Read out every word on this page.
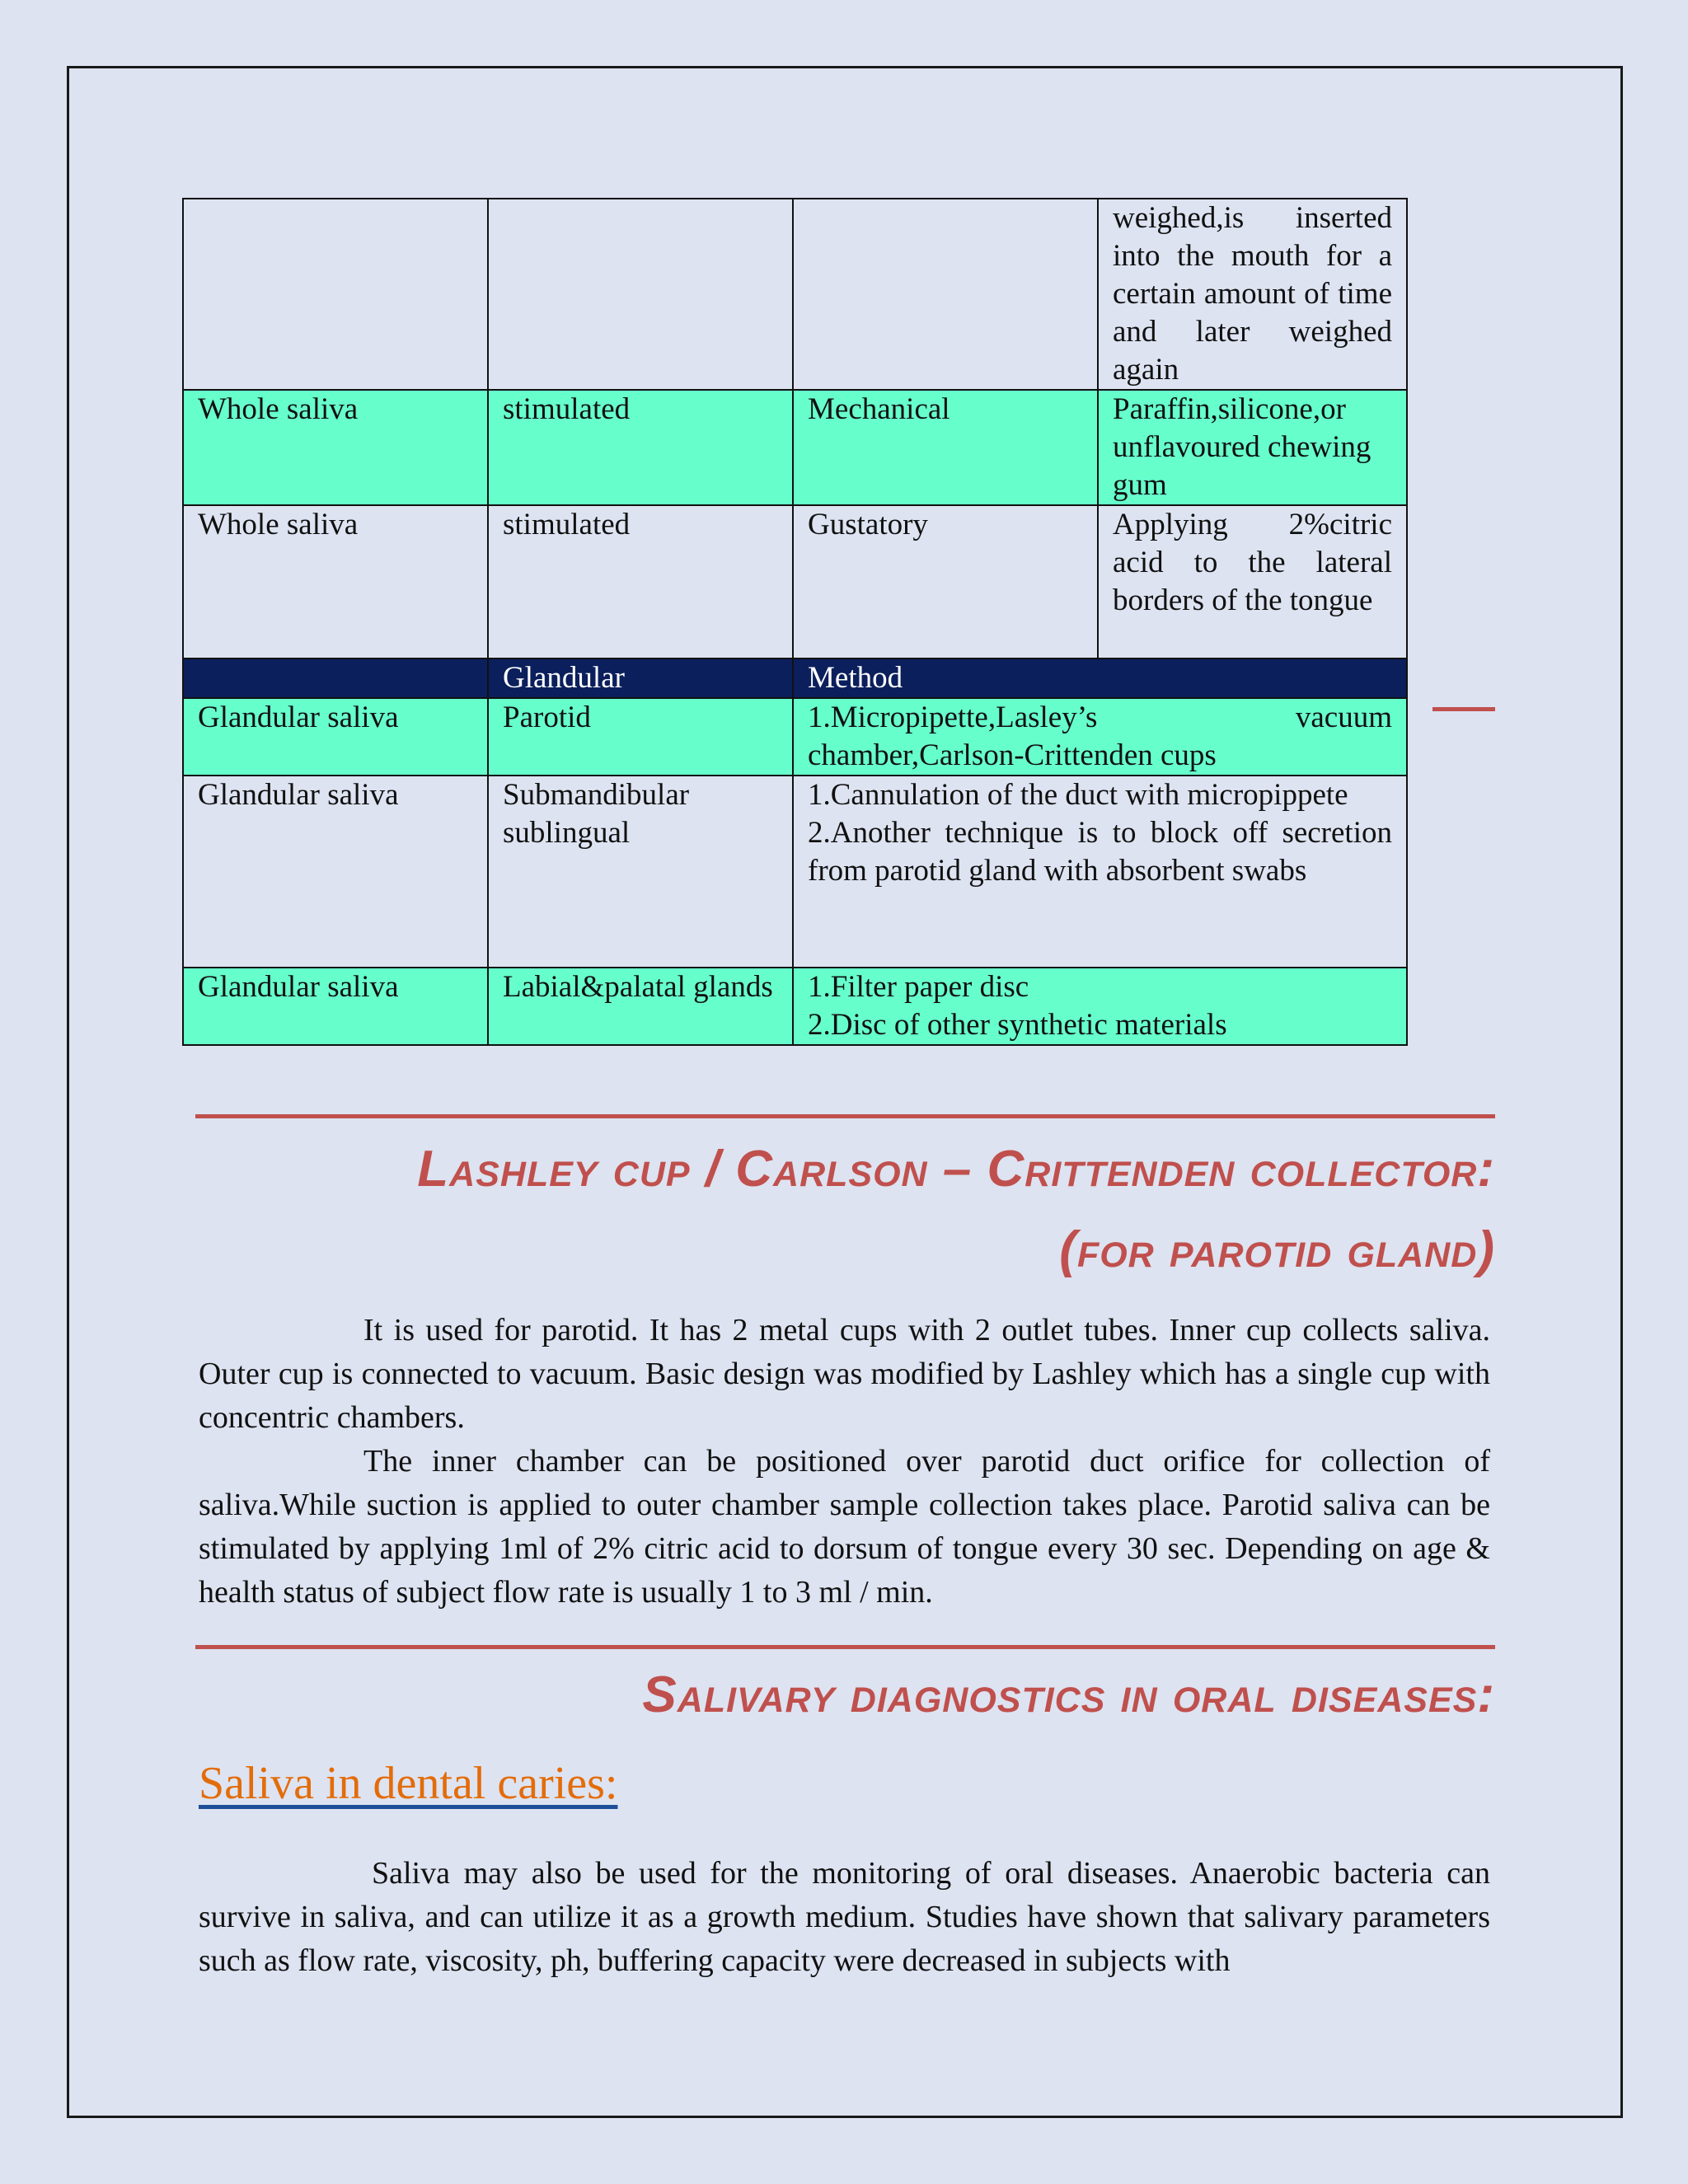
			weighed,is inserted into the mouth for a certain amount of time and later weighed again
Whole saliva	stimulated	Mechanical	Paraffin,silicone,or unflavoured chewing gum
Whole saliva	stimulated	Gustatory	Applying 2%citric acid to the lateral borders of the tongue
	Glandular	Method	
Glandular saliva	Parotid	1.Micropipette,Lasley’s vacuum chamber,Carlson-Crittenden cups	
Glandular saliva	Submandibular sublingual	1.Cannulation of the duct with micropippete
2.Another technique is to block off secretion from parotid gland with absorbent swabs	

Glandular saliva	Labial&palatal glands	1.Filter paper disc
2.Disc of other synthetic materials	
Lashley cup / Carlson – Crittenden collector:
(for parotid gland)

It is used for parotid. It has 2 metal cups with 2 outlet tubes. Inner cup collects saliva. Outer cup is connected to vacuum. Basic design was modified by Lashley which has a single cup with concentric chambers.

The inner chamber can be positioned over parotid duct orifice for collection of saliva.While suction is applied to outer chamber sample collection takes place. Parotid saliva can be stimulated by applying 1ml of 2% citric acid to dorsum of tongue every 30 sec. Depending on age & health status of subject flow rate is usually 1 to 3 ml / min.

Salivary diagnostics in oral diseases:
Saliva in dental caries:

Saliva may also be used for the monitoring of oral diseases. Anaerobic bacteria can survive in saliva, and can utilize it as a growth medium. Studies have shown that salivary parameters such as flow rate, viscosity, ph, buffering capacity were decreased in subjects with
